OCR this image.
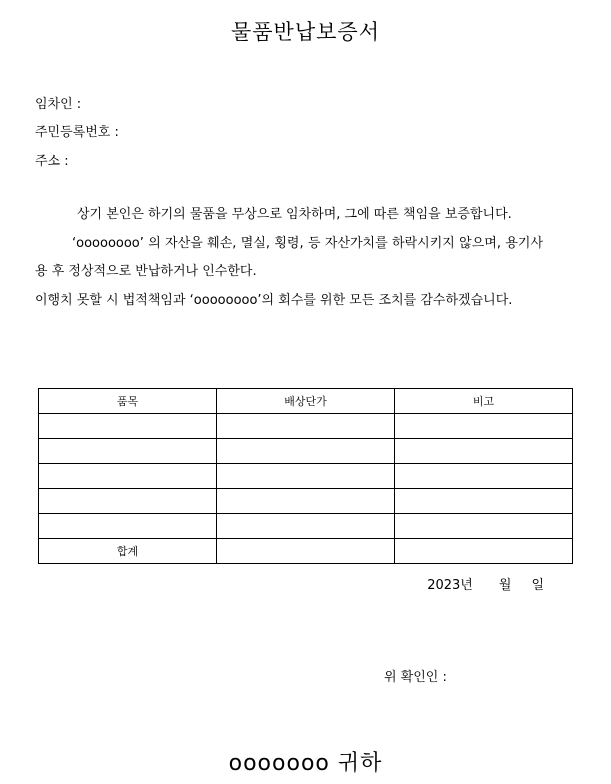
물품반납보증서
임차인 :
주민등록번호 :
주소 :

상기 본인은 하기의 물품을 무상으로 임차하며, 그에 따른 책임을 보증합니다.

‘oooooooo’ 의 자산을 훼손, 멸실, 횡령, 등 자산가치를 하락시키지 않으며, 용기사용 후 정상적으로 반납하거나 인수한다.

이행치 못할 시 법적책임과 ‘oooooooo’의 회수를 위한 모든 조치를 감수하겠습니다.

품목	배상단가	비고

합계		
2023년 월 일
위 확인인 :
ooooooo 귀하
